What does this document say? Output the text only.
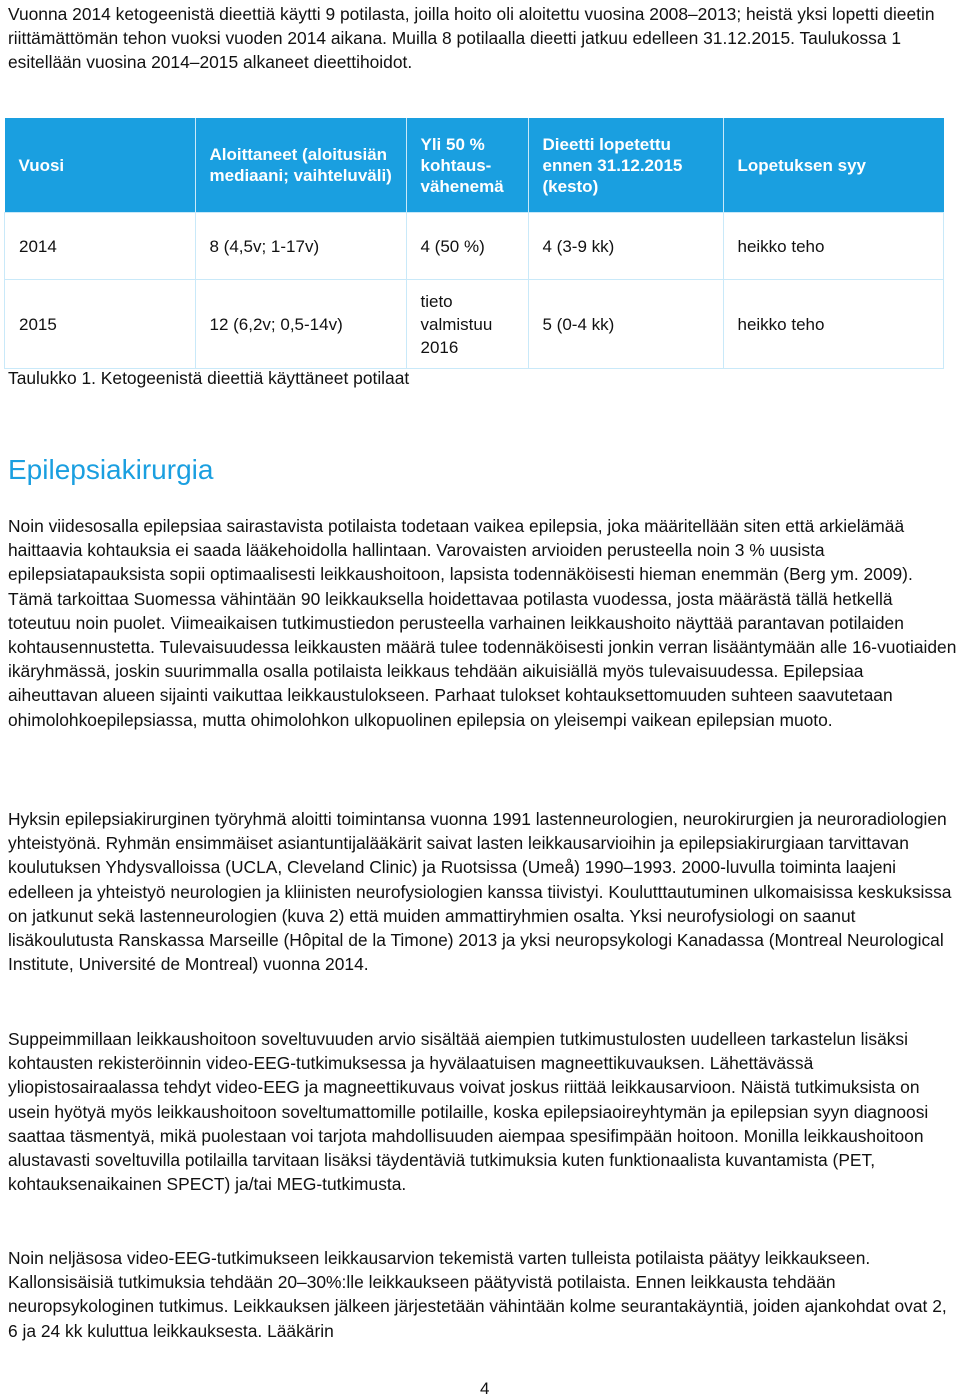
Vuonna 2014 ketogeenistä dieettiä käytti 9 potilasta, joilla hoito oli aloitettu vuosina 2008–2013; heistä yksi lopetti dieetin riittämättömän tehon vuoksi vuoden 2014 aikana. Muilla 8 potilaalla dieetti jatkuu edelleen 31.12.2015. Taulukossa 1 esitellään vuosina 2014–2015 alkaneet dieettihoidot.

Vuosi	Aloittaneet (aloitusiän mediaani; vaihteluväli)	Yli 50 % kohtaus-vähenemä	Dieetti lopetettu ennen 31.12.2015 (kesto)	Lopetuksen syy
2014	8 (4,5v; 1-17v)	4 (50 %)	4 (3-9 kk)	heikko teho
2015	12 (6,2v; 0,5-14v)	tieto valmistuu 2016	5 (0-4 kk)	heikko teho
Taulukko 1. Ketogeenistä dieettiä käyttäneet potilaat
Epilepsiakirurgia

Noin viidesosalla epilepsiaa sairastavista potilaista todetaan vaikea epilepsia, joka määritellään siten että arkielämää haittaavia kohtauksia ei saada lääkehoidolla hallintaan. Varovaisten arvioiden perusteella noin 3 % uusista epilepsiatapauksista sopii optimaalisesti leikkaushoitoon, lapsista todennäköisesti hieman enemmän (Berg ym. 2009). Tämä tarkoittaa Suomessa vähintään 90 leikkauksella hoidettavaa potilasta vuodessa, josta määrästä tällä hetkellä toteutuu noin puolet. Viimeaikaisen tutkimustiedon perusteella varhainen leikkaushoito näyttää parantavan potilaiden kohtausennustetta. Tulevaisuudessa leikkausten määrä tulee todennäköisesti jonkin verran lisääntymään alle 16-vuotiaiden ikäryhmässä, joskin suurimmalla osalla potilaista leikkaus tehdään aikuisiällä myös tulevaisuudessa. Epilepsiaa aiheuttavan alueen sijainti vaikuttaa leikkaustulokseen. Parhaat tulokset kohtauksettomuuden suhteen saavutetaan ohimolohkoepilepsiassa, mutta ohimolohkon ulkopuolinen epilepsia on yleisempi vaikean epilepsian muoto.

Hyksin epilepsiakirurginen työryhmä aloitti toimintansa vuonna 1991 lastenneurologien, neurokirurgien ja neuroradiologien yhteistyönä. Ryhmän ensimmäiset asiantuntijalääkärit saivat lasten leikkausarvioihin ja epilepsiakirurgiaan tarvittavan koulutuksen Yhdysvalloissa (UCLA, Cleveland Clinic) ja Ruotsissa (Umeå) 1990–1993. 2000-luvulla toiminta laajeni edelleen ja yhteistyö neurologien ja kliinisten neurofysiologien kanssa tiivistyi. Koulutttautuminen ulkomaisissa keskuksissa on jatkunut sekä lastenneurologien (kuva 2) että muiden ammattiryhmien osalta. Yksi neurofysiologi on saanut lisäkoulutusta Ranskassa Marseille (Hôpital de la Timone) 2013 ja yksi neuropsykologi Kanadassa (Montreal Neurological Institute, Université de Montreal) vuonna 2014.

Suppeimmillaan leikkaushoitoon soveltuvuuden arvio sisältää aiempien tutkimustulosten uudelleen tarkastelun lisäksi kohtausten rekisteröinnin video-EEG-tutkimuksessa ja hyvälaatuisen magneettikuvauksen. Lähettävässä yliopistosairaalassa tehdyt video-EEG ja magneettikuvaus voivat joskus riittää leikkausarvioon. Näistä tutkimuksista on usein hyötyä myös leikkaushoitoon soveltumattomille potilaille, koska epilepsiaoireyhtymän ja epilepsian syyn diagnoosi saattaa täsmentyä, mikä puolestaan voi tarjota mahdollisuuden aiempaa spesifimpään hoitoon. Monilla leikkaushoitoon alustavasti soveltuvilla potilailla tarvitaan lisäksi täydentäviä tutkimuksia kuten funktionaalista kuvantamista (PET, kohtauksenaikainen SPECT) ja/tai MEG-tutkimusta.

Noin neljäsosa video-EEG-tutkimukseen leikkausarvion tekemistä varten tulleista potilaista päätyy leikkaukseen. Kallonsisäisiä tutkimuksia tehdään 20–30%:lle leikkaukseen päätyvistä potilaista. Ennen leikkausta tehdään neuropsykologinen tutkimus. Leikkauksen jälkeen järjestetään vähintään kolme seurantakäyntiä, joiden ajankohdat ovat 2, 6 ja 24 kk kuluttua leikkauksesta. Lääkärin

4
